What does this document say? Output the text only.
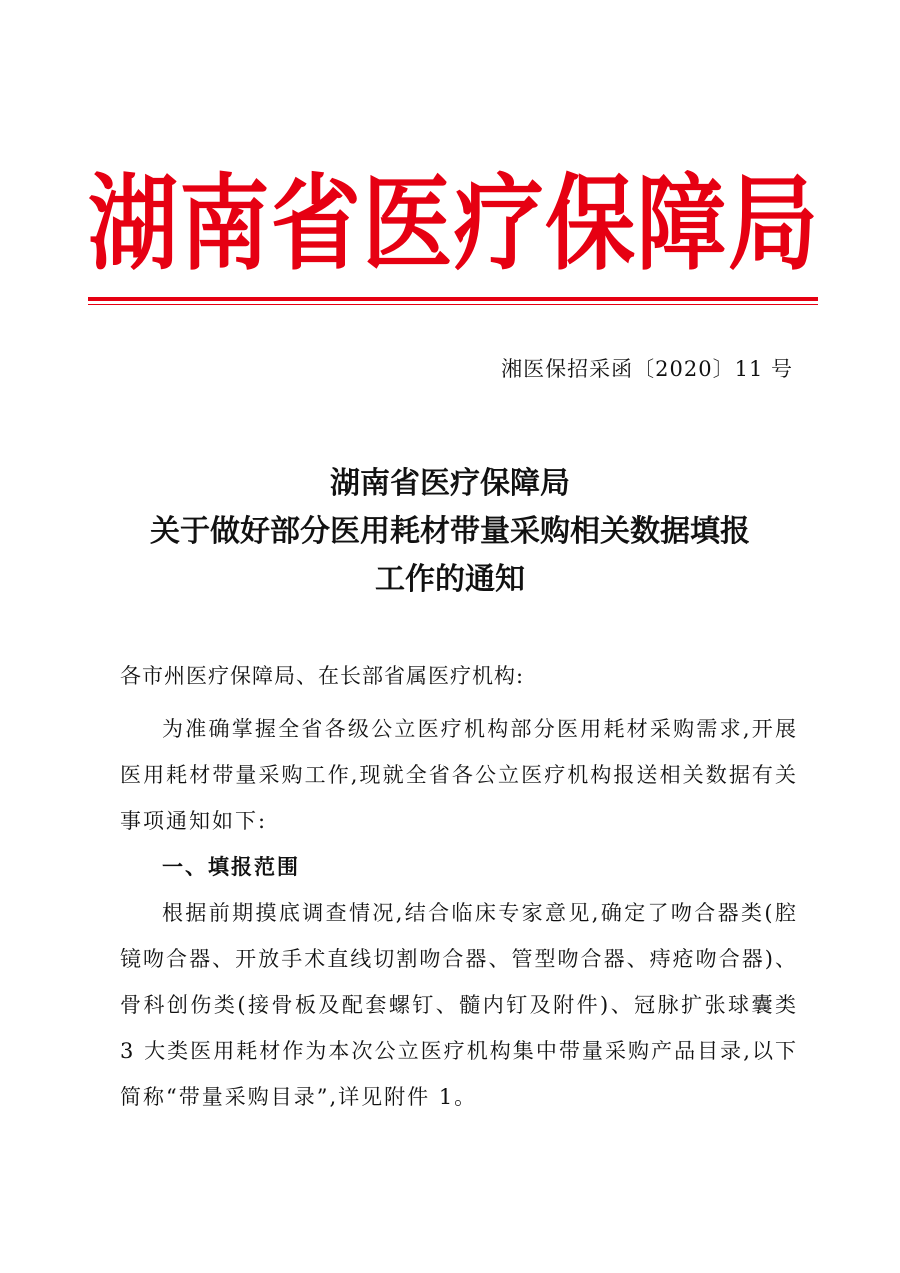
湖 南 省 医 疗 保 障 局
湘医保招采函〔2020〕11 号
湖南省医疗保障局
关于做好部分医用耗材带量采购相关数据填报
工作的通知
各市州医疗保障局、在长部省属医疗机构:

为准确掌握全省各级公立医疗机构部分医用耗材采购需求,开展医用耗材带量采购工作,现就全省各公立医疗机构报送相关数据有关事项通知如下:

一、填报范围

根据前期摸底调查情况,结合临床专家意见,确定了吻合器类(腔镜吻合器、开放手术直线切割吻合器、管型吻合器、痔疮吻合器)、骨科创伤类(接骨板及配套螺钉、髓内钉及附件)、冠脉扩张球囊类 3 大类医用耗材作为本次公立医疗机构集中带量采购产品目录,以下简称“带量采购目录”,详见附件 1。
